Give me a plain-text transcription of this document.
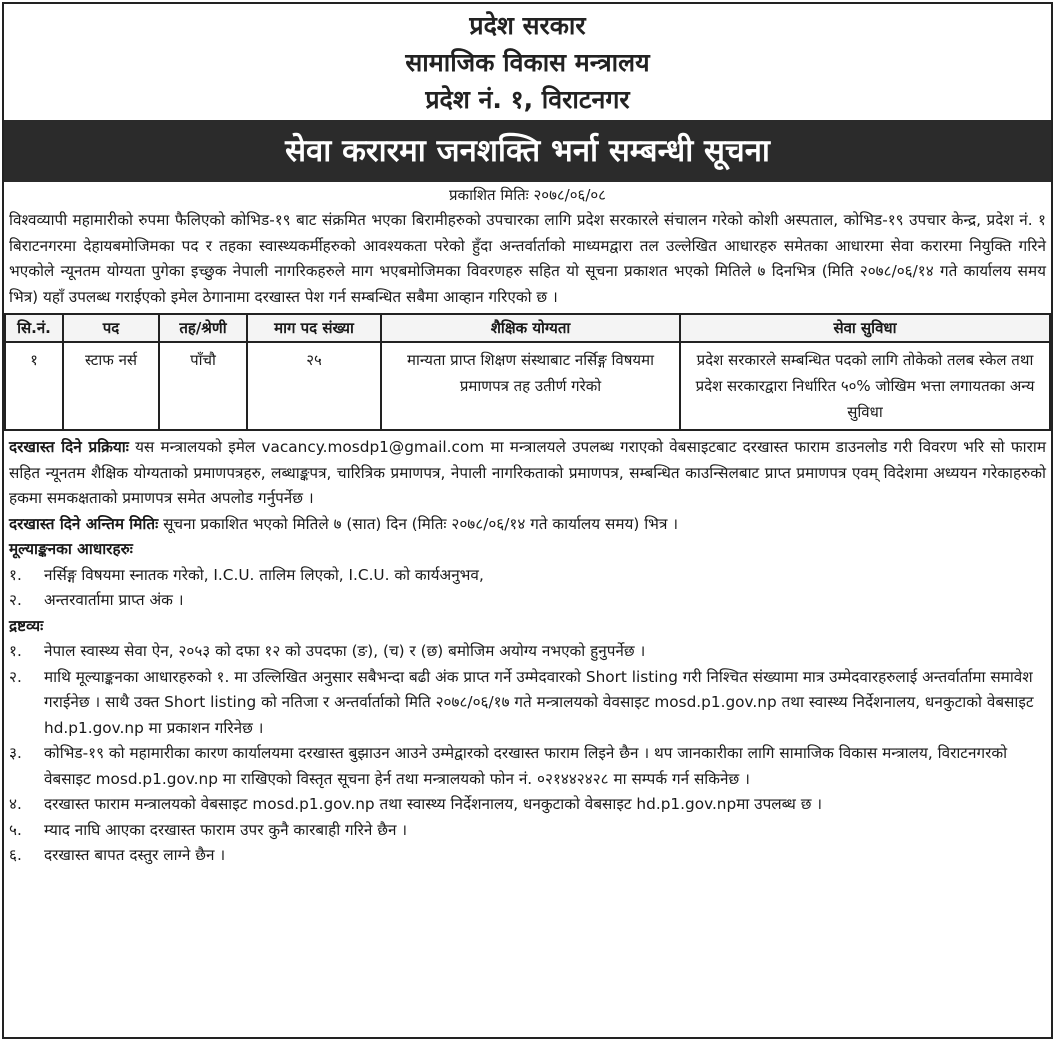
प्रदेश सरकार
सामाजिक विकास मन्त्रालय
प्रदेश नं. १, विराटनगर
सेवा करारमा जनशक्ति भर्ना सम्बन्धी सूचना
प्रकाशित मितिः २०७८/०६/०८
विश्वव्यापी महामारीको रुपमा फैलिएको कोभिड-१९ बाट संक्रमित भएका बिरामीहरुको उपचारका लागि प्रदेश सरकारले संचालन गरेको कोशी अस्पताल, कोभिड-१९ उपचार केन्द्र, प्रदेश नं. १ बिराटनगरमा देहायबमोजिमका पद र तहका स्वास्थ्यकर्मीहरुको आवश्यकता परेको हुँदा अन्तर्वार्ताको माध्यमद्वारा तल उल्लेखित आधारहरु समेतका आधारमा सेवा करारमा नियुक्ति गरिने भएकोले न्यूनतम योग्यता पुगेका इच्छुक नेपाली नागरिकहरुले माग भएबमोजिमका विवरणहरु सहित यो सूचना प्रकाशत भएको मितिले ७ दिनभित्र (मिति २०७८/०६/१४ गते कार्यालय समय भित्र) यहाँ उपलब्ध गराईएको इमेल ठेगानामा दरखास्त पेश गर्न सम्बन्धित सबैमा आव्हान गरिएको छ ।
सि.नं.	पद	तह/श्रेणी	माग पद संख्या	शैक्षिक योग्यता	सेवा सुविधा
१	स्टाफ नर्स	पाँचौ	२५	मान्यता प्राप्त शिक्षण संस्थाबाट नर्सिङ्ग विषयमा प्रमाणपत्र तह उतीर्ण गरेको	प्रदेश सरकारले सम्बन्धित पदको लागि तोकेको तलब स्केल तथा प्रदेश सरकारद्वारा निर्धारित ५०% जोखिम भत्ता लगायतका अन्य सुविधा
दरखास्त दिने प्रक्रियाः यस मन्त्रालयको इमेल vacancy.mosdp1@gmail.com मा मन्त्रालयले उपलब्ध गराएको वेबसाइटबाट दरखास्त फाराम डाउनलोड गरी विवरण भरि सो फाराम सहित न्यूनतम शैक्षिक योग्यताको प्रमाणपत्रहरु, लब्धाङ्कपत्र, चारित्रिक प्रमाणपत्र, नेपाली नागरिकताको प्रमाणपत्र, सम्बन्धित काउन्सिलबाट प्राप्त प्रमाणपत्र एवम् विदेशमा अध्ययन गरेकाहरुको हकमा समकक्षताको प्रमाणपत्र समेत अपलोड गर्नुपर्नेछ ।
दरखास्त दिने अन्तिम मितिः सूचना प्रकाशित भएको मितिले ७ (सात) दिन (मितिः २०७८/०६/१४ गते कार्यालय समय) भित्र ।
मूल्याङ्कनका आधारहरुः
१.	नर्सिङ्ग विषयमा स्नातक गरेको, I.C.U. तालिम लिएको, I.C.U. को कार्यअनुभव,
२.	अन्तरवार्तामा प्राप्त अंक ।
द्रष्टव्यः
१.	नेपाल स्वास्थ्य सेवा ऐन, २०५३ को दफा १२ को उपदफा (ङ), (च) र (छ) बमोजिम अयोग्य नभएको हुनुपर्नेछ ।
२.	माथि मूल्याङ्कनका आधारहरुको १. मा उल्लिखित अनुसार सबैभन्दा बढी अंक प्राप्त गर्ने उम्मेदवारको Short listing गरी निश्चित संख्यामा मात्र उम्मेदवारहरुलाई अन्तर्वार्तामा समावेश गराईनेछ । साथै उक्त Short listing को नतिजा र अन्तर्वार्ताको मिति २०७८/०६/१७ गते मन्त्रालयको वेवसाइट mosd.p1.gov.np तथा स्वास्थ्य निर्देशनालय, धनकुटाको वेबसाइट hd.p1.gov.np मा प्रकाशन गरिनेछ ।
३.	कोभिड-१९ को महामारीका कारण कार्यालयमा दरखास्त बुझाउन आउने उम्मेद्वारको दरखास्त फाराम लिइने छैन । थप जानकारीका लागि सामाजिक विकास मन्त्रालय, विराटनगरको वेबसाइट mosd.p1.gov.np मा राखिएको विस्तृत सूचना हेर्न तथा मन्त्रालयको फोन नं. ०२१४४२४२८ मा सम्पर्क गर्न सकिनेछ ।
४.	दरखास्त फाराम मन्त्रालयको वेबसाइट mosd.p1.gov.np तथा स्वास्थ्य निर्देशनालय, धनकुटाको वेबसाइट hd.p1.gov.npमा उपलब्ध छ ।
५.	म्याद नाघि आएका दरखास्त फाराम उपर कुनै कारबाही गरिने छैन ।
६.	दरखास्त बापत दस्तुर लाग्ने छैन ।
